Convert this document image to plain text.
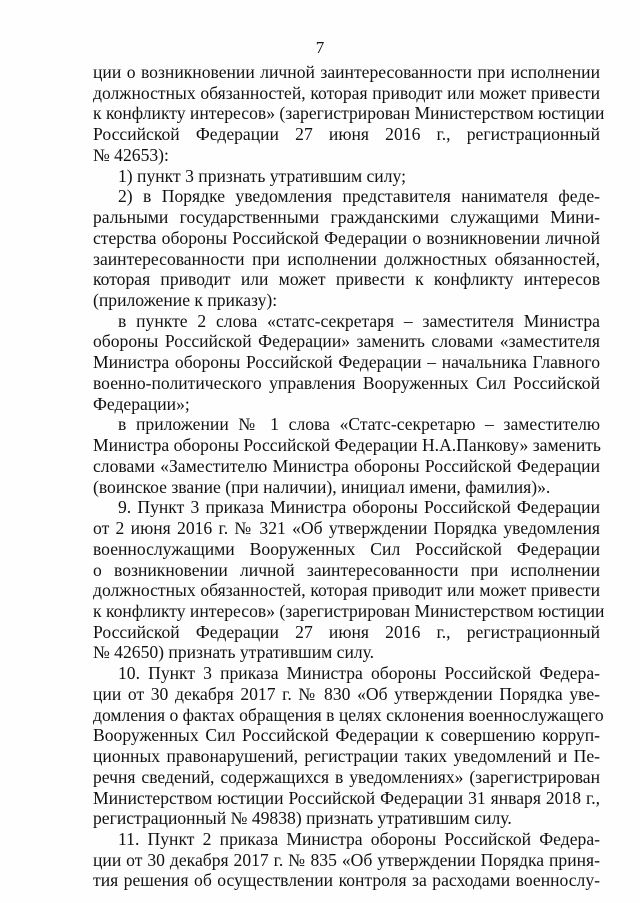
7
ции о возникновении личной заинтересованности при исполнении
должностных обязанностей, которая приводит или может привести
к конфликту интересов» (зарегистрирован Министерством юстиции
Российской Федерации 27 июня 2016 г., регистрационный
№ 42653):
1) пункт 3 признать утратившим силу;
2) в Порядке уведомления представителя нанимателя феде-
ральными государственными гражданскими служащими Мини-
стерства обороны Российской Федерации о возникновении личной
заинтересованности при исполнении должностных обязанностей,
которая приводит или может привести к конфликту интересов
(приложение к приказу):
в пункте 2 слова «статс-секретаря – заместителя Министра
обороны Российской Федерации» заменить словами «заместителя
Министра обороны Российской Федерации – начальника Главного
военно-политического управления Вооруженных Сил Российской
Федерации»;
в приложении № 1 слова «Статс-секретарю – заместителю
Министра обороны Российской Федерации Н.А.Панкову» заменить
словами «Заместителю Министра обороны Российской Федерации
(воинское звание (при наличии), инициал имени, фамилия)».
9. Пункт 3 приказа Министра обороны Российской Федерации
от 2 июня 2016 г. № 321 «Об утверждении Порядка уведомления
военнослужащими Вооруженных Сил Российской Федерации
о возникновении личной заинтересованности при исполнении
должностных обязанностей, которая приводит или может привести
к конфликту интересов» (зарегистрирован Министерством юстиции
Российской Федерации 27 июня 2016 г., регистрационный
№ 42650) признать утратившим силу.
10. Пункт 3 приказа Министра обороны Российской Федера-
ции от 30 декабря 2017 г. № 830 «Об утверждении Порядка уве-
домления о фактах обращения в целях склонения военнослужащего
Вооруженных Сил Российской Федерации к совершению корруп-
ционных правонарушений, регистрации таких уведомлений и Пе-
речня сведений, содержащихся в уведомлениях» (зарегистрирован
Министерством юстиции Российской Федерации 31 января 2018 г.,
регистрационный № 49838) признать утратившим силу.
11. Пункт 2 приказа Министра обороны Российской Федера-
ции от 30 декабря 2017 г. № 835 «Об утверждении Порядка приня-
тия решения об осуществлении контроля за расходами военнослу-
